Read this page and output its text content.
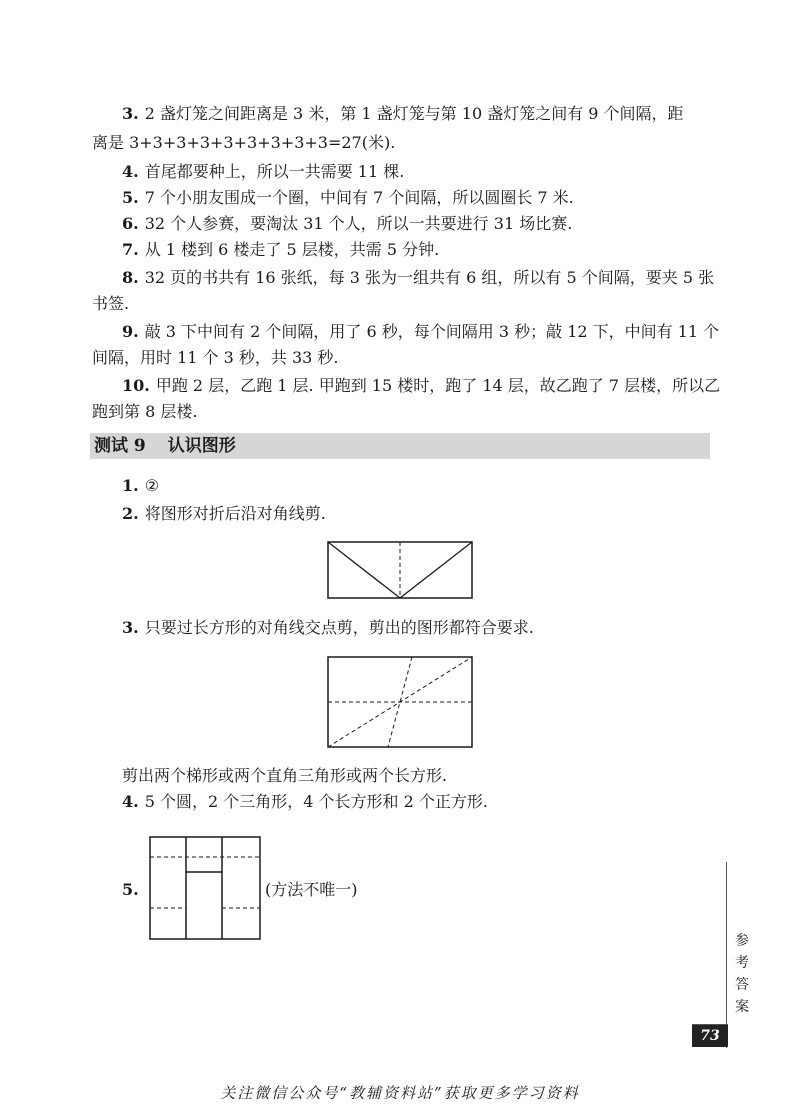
3. 2 盏灯笼之间距离是 3 米，第 1 盏灯笼与第 10 盏灯笼之间有 9 个间隔，距
离是 3+3+3+3+3+3+3+3+3=27(米).
4. 首尾都要种上，所以一共需要 11 棵.
5. 7 个小朋友围成一个圈，中间有 7 个间隔，所以圆圈长 7 米.
6. 32 个人参赛，要淘汰 31 个人，所以一共要进行 31 场比赛.
7. 从 1 楼到 6 楼走了 5 层楼，共需 5 分钟.
8. 32 页的书共有 16 张纸，每 3 张为一组共有 6 组，所以有 5 个间隔，要夹 5 张
书签.
9. 敲 3 下中间有 2 个间隔，用了 6 秒，每个间隔用 3 秒；敲 12 下，中间有 11 个
间隔，用时 11 个 3 秒，共 33 秒.
10. 甲跑 2 层，乙跑 1 层. 甲跑到 15 楼时，跑了 14 层，故乙跑了 7 层楼，所以乙
跑到第 8 层楼.
测试 9 认识图形
1. ②
2. 将图形对折后沿对角线剪.
3. 只要过长方形的对角线交点剪，剪出的图形都符合要求.
剪出两个梯形或两个直角三角形或两个长方形.
4. 5 个圆，2 个三角形，4 个长方形和 2 个正方形.
5.	(方法不唯一)
参考答案
73
关注微信公众号“教辅资料站”获取更多学习资料
